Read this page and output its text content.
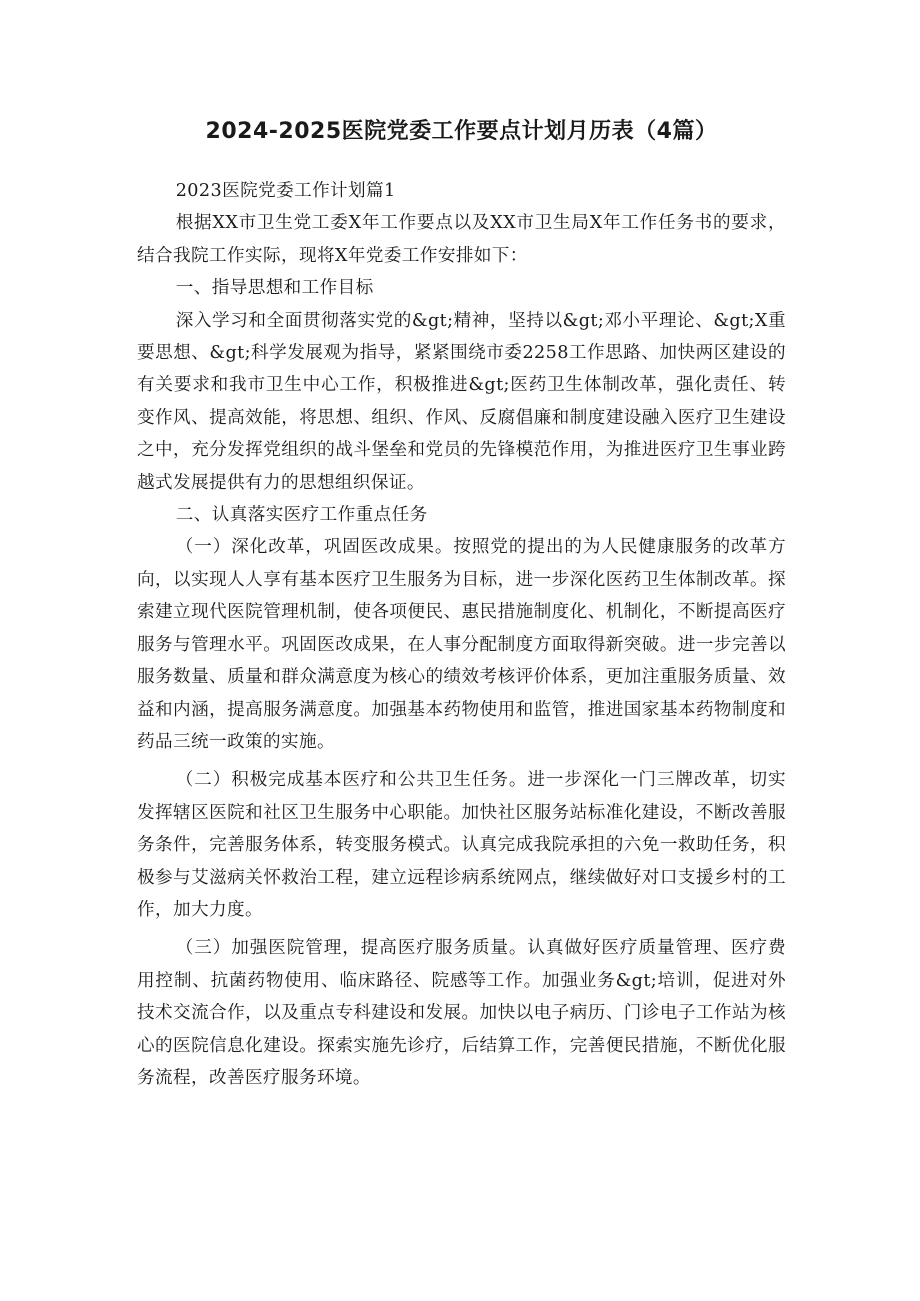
2024-2025医院党委工作要点计划月历表（4篇）

2023医院党委工作计划篇1

根据XX市卫生党工委X年工作要点以及XX市卫生局X年工作任务书的要求，结合我院工作实际，现将X年党委工作安排如下：

一、指导思想和工作目标

深入学习和全面贯彻落实党的&gt;精神，坚持以&gt;邓小平理论、&gt;X重要思想、&gt;科学发展观为指导，紧紧围绕市委2258工作思路、加快两区建设的有关要求和我市卫生中心工作，积极推进&gt;医药卫生体制改革，强化责任、转变作风、提高效能，将思想、组织、作风、反腐倡廉和制度建设融入医疗卫生建设之中，充分发挥党组织的战斗堡垒和党员的先锋模范作用，为推进医疗卫生事业跨越式发展提供有力的思想组织保证。

二、认真落实医疗工作重点任务

（一）深化改革，巩固医改成果。按照党的提出的为人民健康服务的改革方向，以实现人人享有基本医疗卫生服务为目标，进一步深化医药卫生体制改革。探索建立现代医院管理机制，使各项便民、惠民措施制度化、机制化，不断提高医疗服务与管理水平。巩固医改成果，在人事分配制度方面取得新突破。进一步完善以服务数量、质量和群众满意度为核心的绩效考核评价体系，更加注重服务质量、效益和内涵，提高服务满意度。加强基本药物使用和监管，推进国家基本药物制度和药品三统一政策的实施。

（二）积极完成基本医疗和公共卫生任务。进一步深化一门三牌改革，切实发挥辖区医院和社区卫生服务中心职能。加快社区服务站标准化建设，不断改善服务条件，完善服务体系，转变服务模式。认真完成我院承担的六免一救助任务，积极参与艾滋病关怀救治工程，建立远程诊病系统网点，继续做好对口支援乡村的工作，加大力度。

（三）加强医院管理，提高医疗服务质量。认真做好医疗质量管理、医疗费用控制、抗菌药物使用、临床路径、院感等工作。加强业务&gt;培训，促进对外技术交流合作，以及重点专科建设和发展。加快以电子病历、门诊电子工作站为核心的医院信息化建设。探索实施先诊疗，后结算工作，完善便民措施，不断优化服务流程，改善医疗服务环境。
